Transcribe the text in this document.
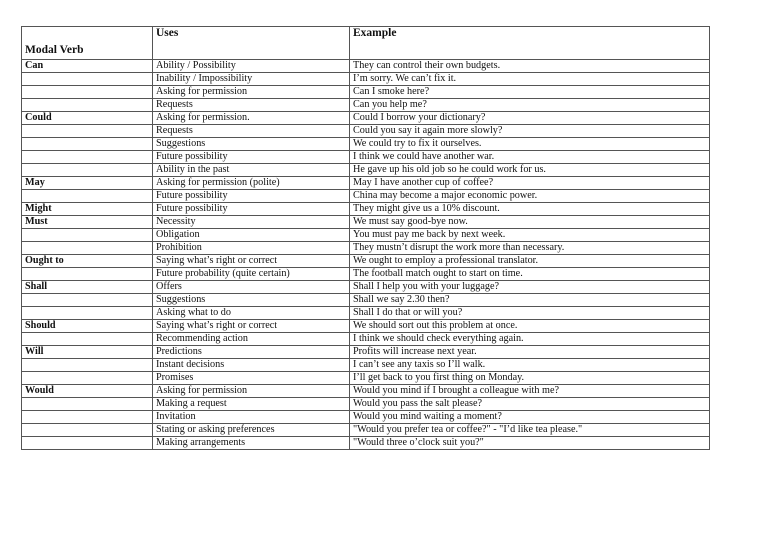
Modal Verb	Uses	Example
Can	Ability / Possibility	They can control their own budgets.
	Inability / Impossibility	I’m sorry. We can’t fix it.
	Asking for permission	Can I smoke here?
	Requests	Can you help me?
Could	Asking for permission.	Could I borrow your dictionary?
	Requests	Could you say it again more slowly?
	Suggestions	We could try to fix it ourselves.
	Future possibility	I think we could have another war.
	Ability in the past	He gave up his old job so he could work for us.
May	Asking for permission (polite)	May I have another cup of coffee?
	Future possibility	China may become a major economic power.
Might	Future possibility	They might give us a 10% discount.
Must	Necessity	We must say good-bye now.
	Obligation	You must pay me back by next week.
	Prohibition	They mustn’t disrupt the work more than necessary.
Ought to	Saying what’s right or correct	We ought to employ a professional translator.
	Future probability (quite certain)	The football match ought to start on time.
Shall	Offers	Shall I help you with your luggage?
	Suggestions	Shall we say 2.30 then?
	Asking what to do	Shall I do that or will you?
Should	Saying what’s right or correct	We should sort out this problem at once.
	Recommending action	I think we should check everything again.
Will	Predictions	Profits will increase next year.
	Instant decisions	I can’t see any taxis so I’ll walk.
	Promises	I’ll get back to you first thing on Monday.
Would	Asking for permission	Would you mind if I brought a colleague with me?
	Making a request	Would you pass the salt please?
	Invitation	Would you mind waiting a moment?
	Stating or asking preferences	"Would you prefer tea or coffee?" - "I’d like tea please."
	Making arrangements	"Would three o’clock suit you?"
